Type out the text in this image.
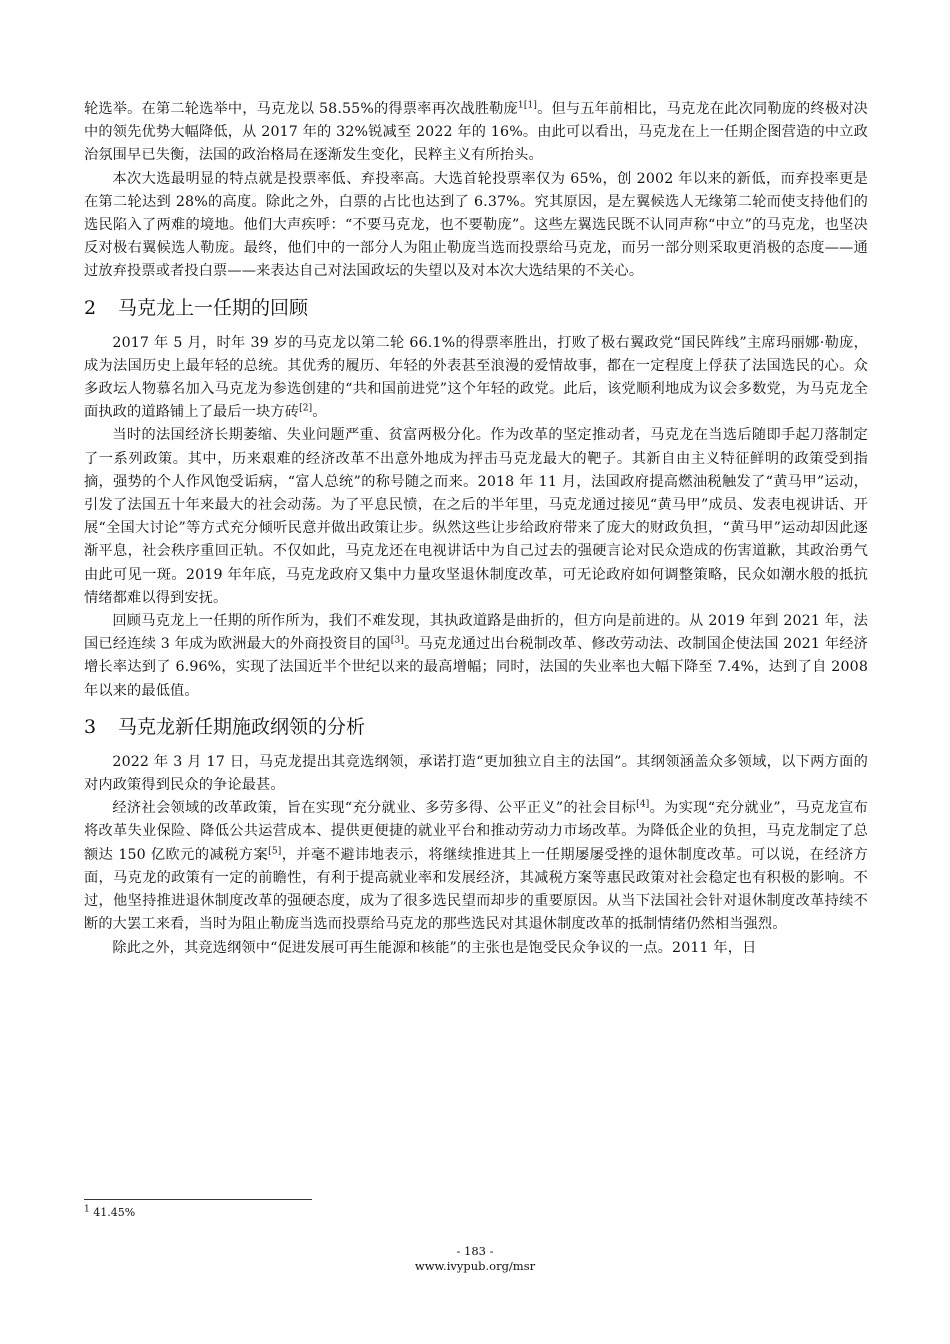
轮选举。在第二轮选举中，马克龙以 58.55%的得票率再次战胜勒庞$^{1[1]}$。但与五年前相比，马克龙在此次同勒庞的终极对决中的领先优势大幅降低，从 2017 年的 32%锐减至 2022 年的 16%。由此可以看出，马克龙在上一任期企图营造的中立政治氛围早已失衡，法国的政治格局在逐渐发生变化，民粹主义有所抬头。

本次大选最明显的特点就是投票率低、弃投率高。大选首轮投票率仅为 65%，创 2002 年以来的新低，而弃投率更是在第二轮达到 28%的高度。除此之外，白票的占比也达到了 6.37%。究其原因，是左翼候选人无缘第二轮而使支持他们的选民陷入了两难的境地。他们大声疾呼：“不要马克龙，也不要勒庞”。这些左翼选民既不认同声称“中立”的马克龙，也坚决反对极右翼候选人勒庞。最终，他们中的一部分人为阻止勒庞当选而投票给马克龙，而另一部分则采取更消极的态度——通过放弃投票或者投白票——来表达自己对法国政坛的失望以及对本次大选结果的不关心。

2	马克龙上一任期的回顾

2017 年 5 月，时年 39 岁的马克龙以第二轮 66.1%的得票率胜出，打败了极右翼政党“国民阵线”主席玛丽娜·勒庞，成为法国历史上最年轻的总统。其优秀的履历、年轻的外表甚至浪漫的爱情故事，都在一定程度上俘获了法国选民的心。众多政坛人物慕名加入马克龙为参选创建的“共和国前进党”这个年轻的政党。此后，该党顺利地成为议会多数党，为马克龙全面执政的道路铺上了最后一块方砖[2]。

当时的法国经济长期萎缩、失业问题严重、贫富两极分化。作为改革的坚定推动者，马克龙在当选后随即手起刀落制定了一系列政策。其中，历来艰难的经济改革不出意外地成为抨击马克龙最大的靶子。其新自由主义特征鲜明的政策受到指摘，强势的个人作风饱受诟病，“富人总统”的称号随之而来。2018 年 11 月，法国政府提高燃油税触发了“黄马甲”运动，引发了法国五十年来最大的社会动荡。为了平息民愤，在之后的半年里，马克龙通过接见“黄马甲”成员、发表电视讲话、开展“全国大讨论”等方式充分倾听民意并做出政策让步。纵然这些让步给政府带来了庞大的财政负担，“黄马甲”运动却因此逐渐平息，社会秩序重回正轨。不仅如此，马克龙还在电视讲话中为自己过去的强硬言论对民众造成的伤害道歉，其政治勇气由此可见一斑。2019 年年底，马克龙政府又集中力量攻坚退休制度改革，可无论政府如何调整策略，民众如潮水般的抵抗情绪都难以得到安抚。

回顾马克龙上一任期的所作所为，我们不难发现，其执政道路是曲折的，但方向是前进的。从 2019 年到 2021 年，法国已经连续 3 年成为欧洲最大的外商投资目的国[3]。马克龙通过出台税制改革、修改劳动法、改制国企使法国 2021 年经济增长率达到了 6.96%，实现了法国近半个世纪以来的最高增幅；同时，法国的失业率也大幅下降至 7.4%，达到了自 2008 年以来的最低值。

3	马克龙新任期施政纲领的分析

2022 年 3 月 17 日，马克龙提出其竞选纲领，承诺打造“更加独立自主的法国”。其纲领涵盖众多领域，以下两方面的对内政策得到民众的争论最甚。

经济社会领域的改革政策，旨在实现“充分就业、多劳多得、公平正义”的社会目标[4]。为实现“充分就业”，马克龙宣布将改革失业保险、降低公共运营成本、提供更便捷的就业平台和推动劳动力市场改革。为降低企业的负担，马克龙制定了总额达 150 亿欧元的减税方案[5]，并毫不避讳地表示，将继续推进其上一任期屡屡受挫的退休制度改革。可以说，在经济方面，马克龙的政策有一定的前瞻性，有利于提高就业率和发展经济，其减税方案等惠民政策对社会稳定也有积极的影响。不过，他坚持推进退休制度改革的强硬态度，成为了很多选民望而却步的重要原因。从当下法国社会针对退休制度改革持续不断的大罢工来看，当时为阻止勒庞当选而投票给马克龙的那些选民对其退休制度改革的抵制情绪仍然相当强烈。

除此之外，其竞选纲领中“促进发展可再生能源和核能”的主张也是饱受民众争议的一点。2011 年，日

$^1$ 41.45%
- 183 -
www.ivypub.org/msr
